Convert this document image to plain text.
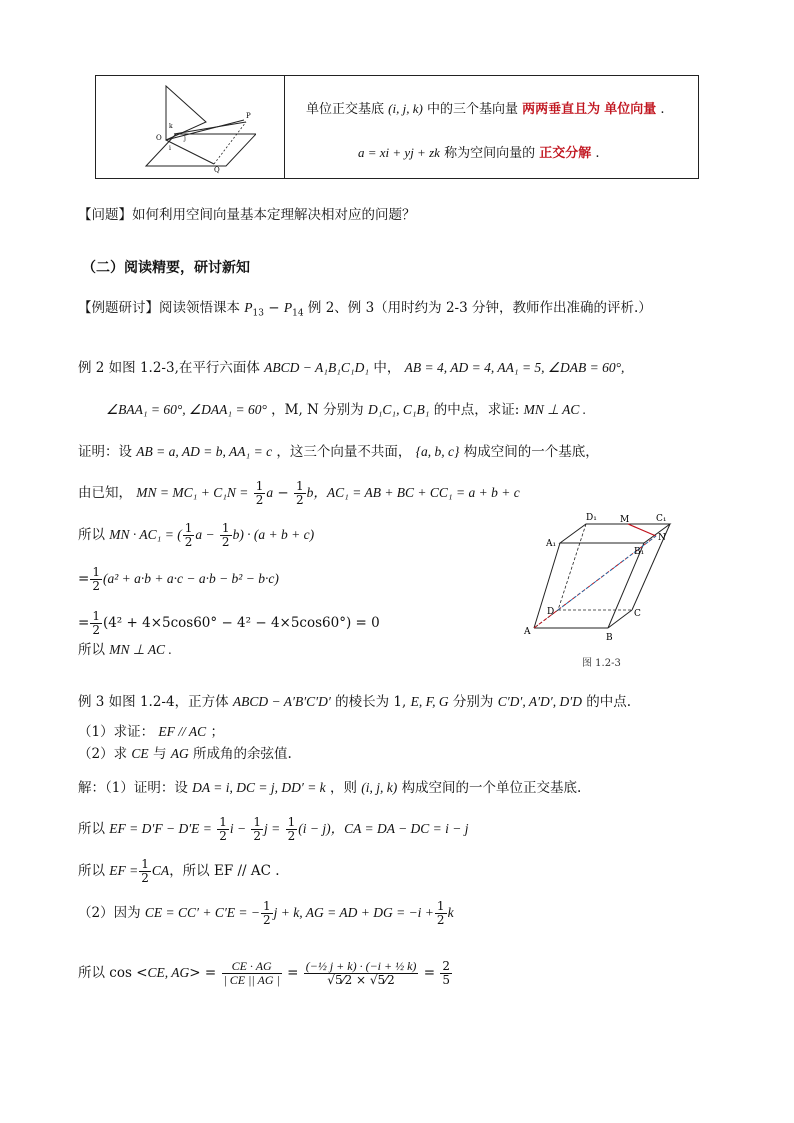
O
P
Q
k
j
i
单位正交基底 (i, j, k) 中的三个基向量 两两垂直且为 单位向量 .
a = xi + yj + zk 称为空间向量的 正交分解 .
【问题】如何利用空间向量基本定理解决相对应的问题？
（二）阅读精要，研讨新知
【例题研讨】阅读领悟课本 $P_{13} - P_{14}$ 例 2、例 3（用时约为 2-3 分钟，教师作出准确的评析.）
例 2 如图 1.2-3,在平行六面体 ABCD − A₁B₁C₁D₁ 中， AB = 4, AD = 4, AA₁ = 5, ∠DAB = 60°,
∠BAA₁ = 60°, ∠DAA₁ = 60° ，M, N 分别为 D₁C₁, C₁B₁ 的中点，求证: MN ⊥ AC .
证明：设 AB = a, AD = b, AA₁ = c ，这三个向量不共面， {a, b, c} 构成空间的一个基底，
由已知， MN = $MC_1 + C_1N = \frac{1}{2}$ $a - \frac{1}{2}$ b，AC₁ = AB + BC + CC₁ = a + b + c
所以 MN · AC₁ = ( $\frac{1}{2}$ $a - \frac{1}{2} b) \cdot (a + b + c)$
= $\frac{1}{2} (a^2 + a\cdot b + a\cdot c - a\cdot b - b^2 - b\cdot c)$
= $\frac{1}{2} (4^2 + 4\times 5\cos 60^\circ - 4^2 - 4\times 5\cos 60^\circ) = 0$
所以 MN ⊥ AC .
D₁	M	C₁
A₁
N
B₁
D	C
A
B
图 1.2-3
例 3 如图 1.2-4，正方体 ABCD − A′B′C′D′ 的棱长为 1, E, F, G 分别为 C′D′, A′D′, D′D 的中点.
（1）求证： EF // AC ；
（2）求 CE 与 AG 所成角的余弦值.
解：（1）证明：设 DA = i, DC = j, DD′ = k ，则 (i, j, k) 构成空间的一个单位正交基底.
所以 EF = $D'F - D'E = \frac{1}{2}$ $i - \frac{1}{2}$ $j = \frac{1}{2} (i - j)$，CA = DA − DC = i − j
所以 EF = $\frac{1}{2}$ CA，所以 EF // AC .
（2）因为 CE = CC′ + C′E = − $\frac{1}{2}$ j + k, AG = AD + DG = $-i + \frac{1}{2}$ k
所以 cos <CE, $AG> = \frac{CE \cdot AG}{| CE || AG |} = \frac{\text{(−½ j + k) · (−i + ½ k)}}{√5⁄2 \times √5⁄2} = \frac{2}{5}$
